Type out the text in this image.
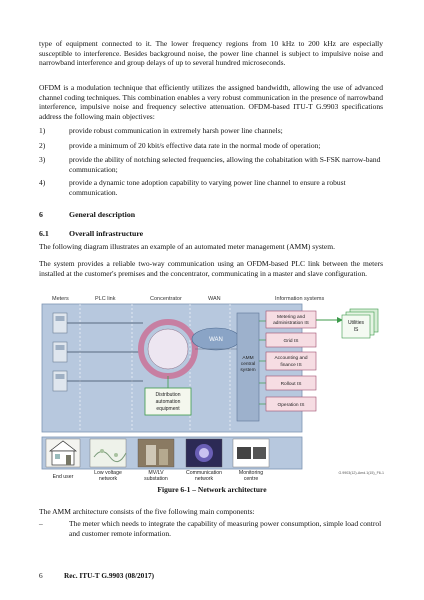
type of equipment connected to it. The lower frequency regions from 10 kHz to 200 kHz are especially susceptible to interference. Besides background noise, the power line channel is subject to impulsive noise and narrowband interference and group delays of up to several hundred microseconds.

OFDM is a modulation technique that efficiently utilizes the assigned bandwidth, allowing the use of advanced channel coding techniques. This combination enables a very robust communication in the presence of narrowband interference, impulsive noise and frequency selective attenuation. OFDM-based ITU-T G.9903 specifications address the following main objectives:

1)	provide robust communication in extremely harsh power line channels;
2)	provide a minimum of 20 kbit/s effective data rate in the normal mode of operation;
3)	provide the ability of notching selected frequencies, allowing the cohabitation with S-FSK narrow-band communication;
4)	provide a dynamic tone adoption capability to varying power line channel to ensure a robust communication.
6	General description
6.1	Overall infrastructure

The following diagram illustrates an example of an automated meter management (AMM) system.

The system provides a reliable two-way communication using an OFDM-based PLC link between the meters installed at the customer's premises and the concentrator, communicating in a master and slave configuration.

Meters	PLC link	Concentrator	WAN	Information systems
WAN
Distribution
automation
equipment
AMM
central
system
Metering and
administration IS
Grid IS
Accounting and
finance IS
Rollout IS
Operation IS
Utilities
IS
End user
Low voltage
network
MV/LV
substation
Communication
network
Monitoring
centre
G.9903(12)-Amd.1(15)_F6-1
Figure 6-1 – Network architecture

The AMM architecture consists of the five following main components:

–	The meter which needs to integrate the capability of measuring power consumption, simple load control and customer remote information.
6	Rec. ITU-T G.9903 (08/2017)
